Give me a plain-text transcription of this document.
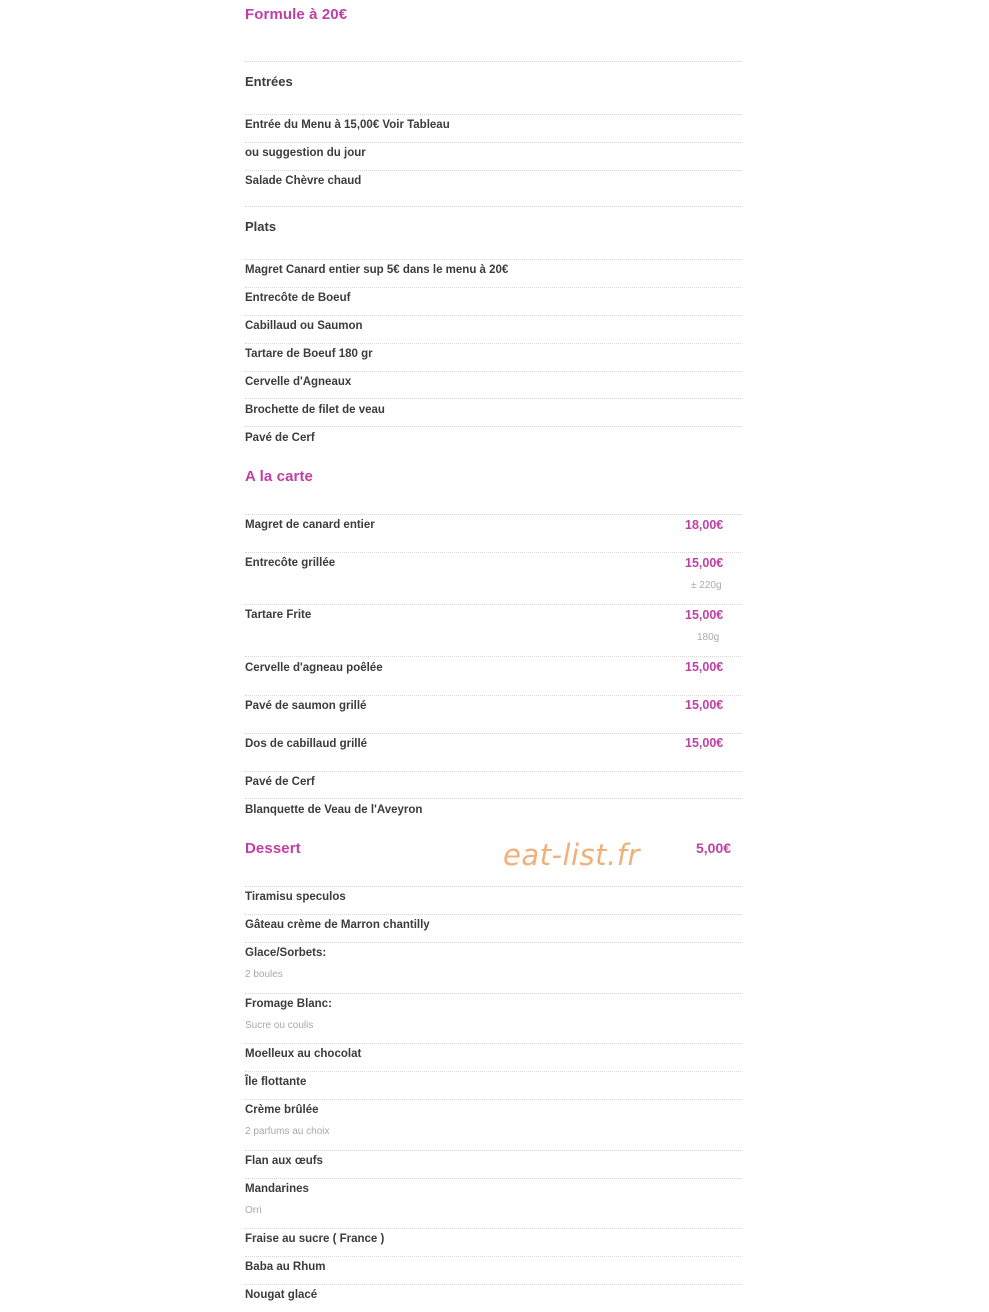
Formule à 20€
Entrées
Entrée du Menu à 15,00€ Voir Tableau
ou suggestion du jour
Salade Chèvre chaud
Plats
Magret Canard entier sup 5€ dans le menu à 20€
Entrecôte de Boeuf
Cabillaud ou Saumon
Tartare de Boeuf 180 gr
Cervelle d'Agneaux
Brochette de filet de veau
Pavé de Cerf
A la carte
Magret de canard entier	18,00€
Entrecôte grillée	15,00€
± 220g
Tartare Frite	15,00€
180g
Cervelle d'agneau poêlée	15,00€
Pavé de saumon grillé	15,00€
Dos de cabillaud grillé	15,00€
Pavé de Cerf
Blanquette de Veau de l'Aveyron
Dessert	eat-list.fr	5,00€
Tiramisu speculos
Gâteau crème de Marron chantilly
Glace/Sorbets:
2 boules
Fromage Blanc:
Sucre ou coulis
Moelleux au chocolat
Île flottante
Crème brûlée
2 parfums au choix
Flan aux œufs
Mandarines
Orri
Fraise au sucre ( France )
Baba au Rhum
Nougat glacé
